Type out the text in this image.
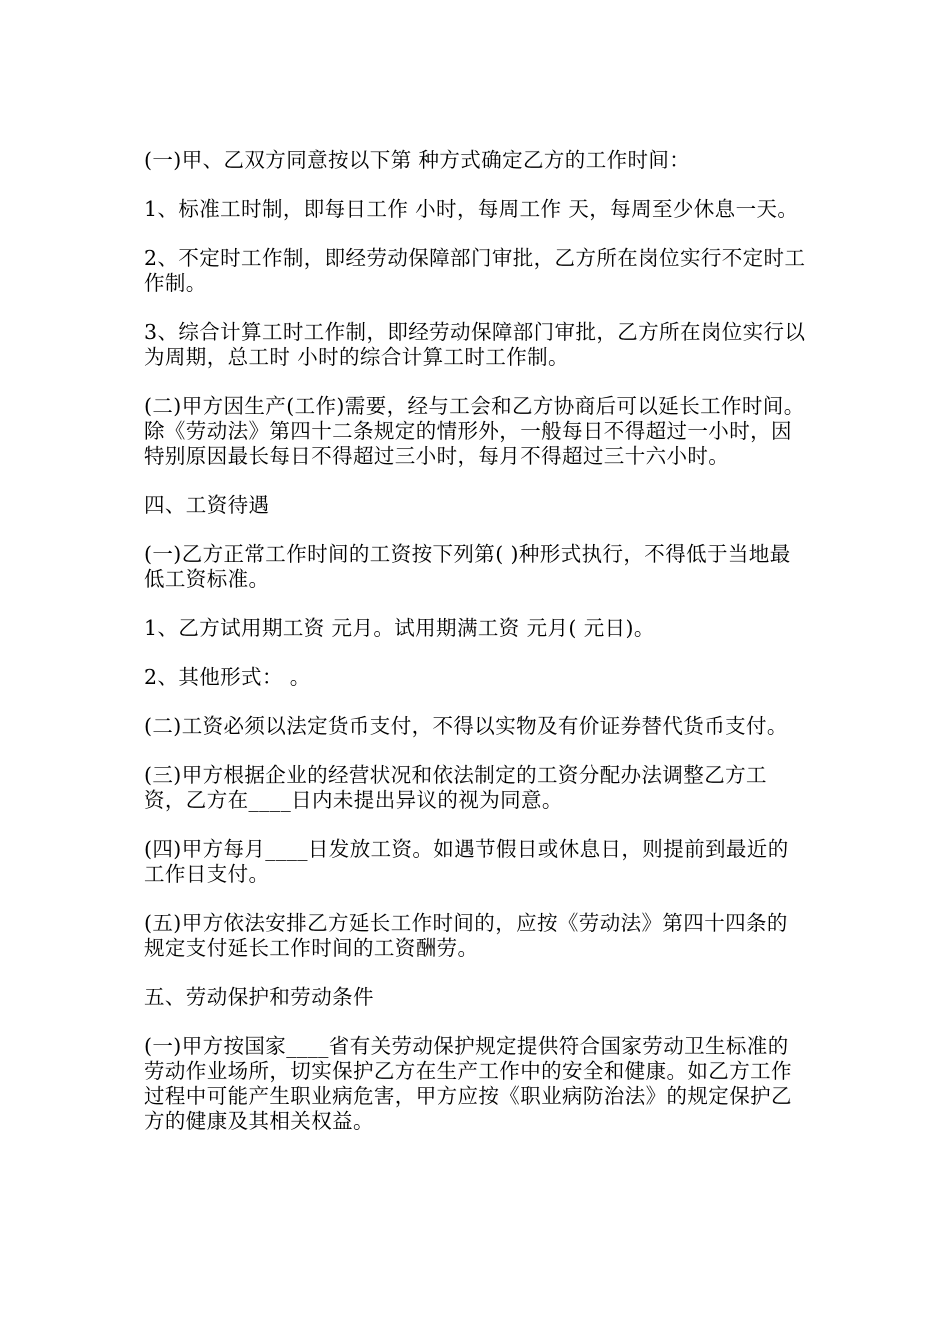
(一)甲、乙双方同意按以下第 种方式确定乙方的工作时间：

1、标准工时制，即每日工作 小时，每周工作 天，每周至少休息一天。

2、不定时工作制，即经劳动保障部门审批，乙方所在岗位实行不定时工作制。

3、综合计算工时工作制，即经劳动保障部门审批，乙方所在岗位实行以 为周期，总工时 小时的综合计算工时工作制。

(二)甲方因生产(工作)需要，经与工会和乙方协商后可以延长工作时间。除《劳动法》第四十二条规定的情形外，一般每日不得超过一小时，因特别原因最长每日不得超过三小时，每月不得超过三十六小时。

四、工资待遇

(一)乙方正常工作时间的工资按下列第( )种形式执行，不得低于当地最低工资标准。

1、乙方试用期工资 元月。试用期满工资 元月( 元日)。

2、其他形式： 。

(二)工资必须以法定货币支付，不得以实物及有价证券替代货币支付。

(三)甲方根据企业的经营状况和依法制定的工资分配办法调整乙方工资，乙方在____日内未提出异议的视为同意。

(四)甲方每月____日发放工资。如遇节假日或休息日，则提前到最近的工作日支付。

(五)甲方依法安排乙方延长工作时间的，应按《劳动法》第四十四条的规定支付延长工作时间的工资酬劳。

五、劳动保护和劳动条件

(一)甲方按国家____省有关劳动保护规定提供符合国家劳动卫生标准的劳动作业场所，切实保护乙方在生产工作中的安全和健康。如乙方工作过程中可能产生职业病危害，甲方应按《职业病防治法》的规定保护乙方的健康及其相关权益。
